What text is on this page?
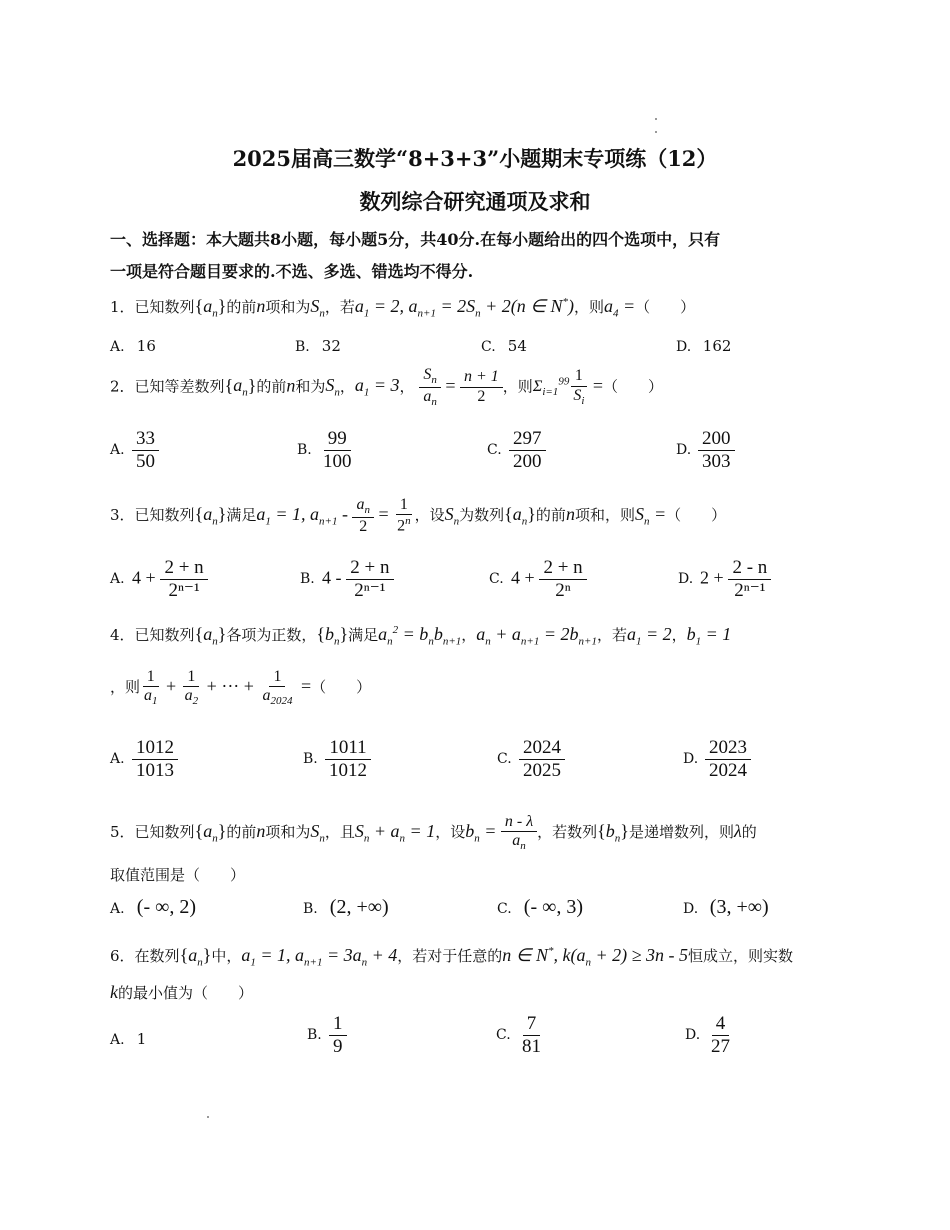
2025届高三数学“8+3+3”小题期末专项练（12）
数列综合研究通项及求和
一、选择题：本大题共8小题，每小题5分，共40分.在每小题给出的四个选项中，只有
一项是符合题目要求的.不选、多选、错选均不得分.
1．已知数列$\{a_n\}$的前n项和为$S_n$，若$a_1 = 2$, $a_{n+1} = 2S_n + 2(n$ ∈ N*)，则$a_4$ =（　　）
A. 16	B. 32	C. 54	D. 162
2．已知等差数列$\{a_n\}$的前n和为$S_n$，$a_1 = 3$， $\frac{S_n}{a_n} = \frac{n + 1}{2}$ ，则$\Sigma_{i=1}^{99} \frac{1}{S_i}$ =（　　）
A. $\frac{33}{50}$	B. $\frac{99}{100}$	C. $\frac{297}{200}$	D. $\frac{200}{303}$
3．已知数列$\{a_n\}$满足$a_1 = 1$, $a_{n+1} - \frac{a_n}{2} = \frac{1}{2^n}$ ，设$S_n$为数列$\{a_n\}$的前n项和，则$S_n$ =（　　）
A. $4 + \frac{2 + n}{\text{2ⁿ⁻¹}}$	B. $4 - \frac{2 + n}{\text{2ⁿ⁻¹}}$	C. $4 + \frac{2 + n}{\text{2ⁿ}}$	D. $2 + \frac{2 - n}{\text{2ⁿ⁻¹}}$
4．已知数列$\{a_n\}$各项为正数，$\{b_n\}$满足$a_n^2 = b_nb_{n+1}$，$a_n + a_{n+1} = 2b_{n+1}$，若$a_1 = 2$，$b_1 = 1$
，则 $\frac{1}{a_1} + \frac{1}{a_2}$ + ··· + $\frac{1}{a_{2024}}$ =（　　）
A. $\frac{1012}{1013}$	B. $\frac{1011}{1012}$	C. $\frac{2024}{2025}$	D. $\frac{2023}{2024}$
5．已知数列$\{a_n\}$的前n项和为$S_n$，且$S_n + a_n = 1$，设$b_n = \frac{n - \lambda}{a_n}$ ，若数列$\{b_n\}$是递增数列，则λ的
取值范围是（　　）
A. (- ∞, 2)	B. (2, +∞)	C. (- ∞, 3)	D. (3, +∞)
6．在数列$\{a_n\}$中，$a_1 = 1$, $a_{n+1} = 3a_n + 4$，若对于任意的n ∈ N*, $k(a_n + 2) \ge 3n - 5$恒成立，则实数
k的最小值为（　　）
A. 1	B. $\frac{1}{9}$	C. $\frac{7}{81}$	D. $\frac{4}{27}$
